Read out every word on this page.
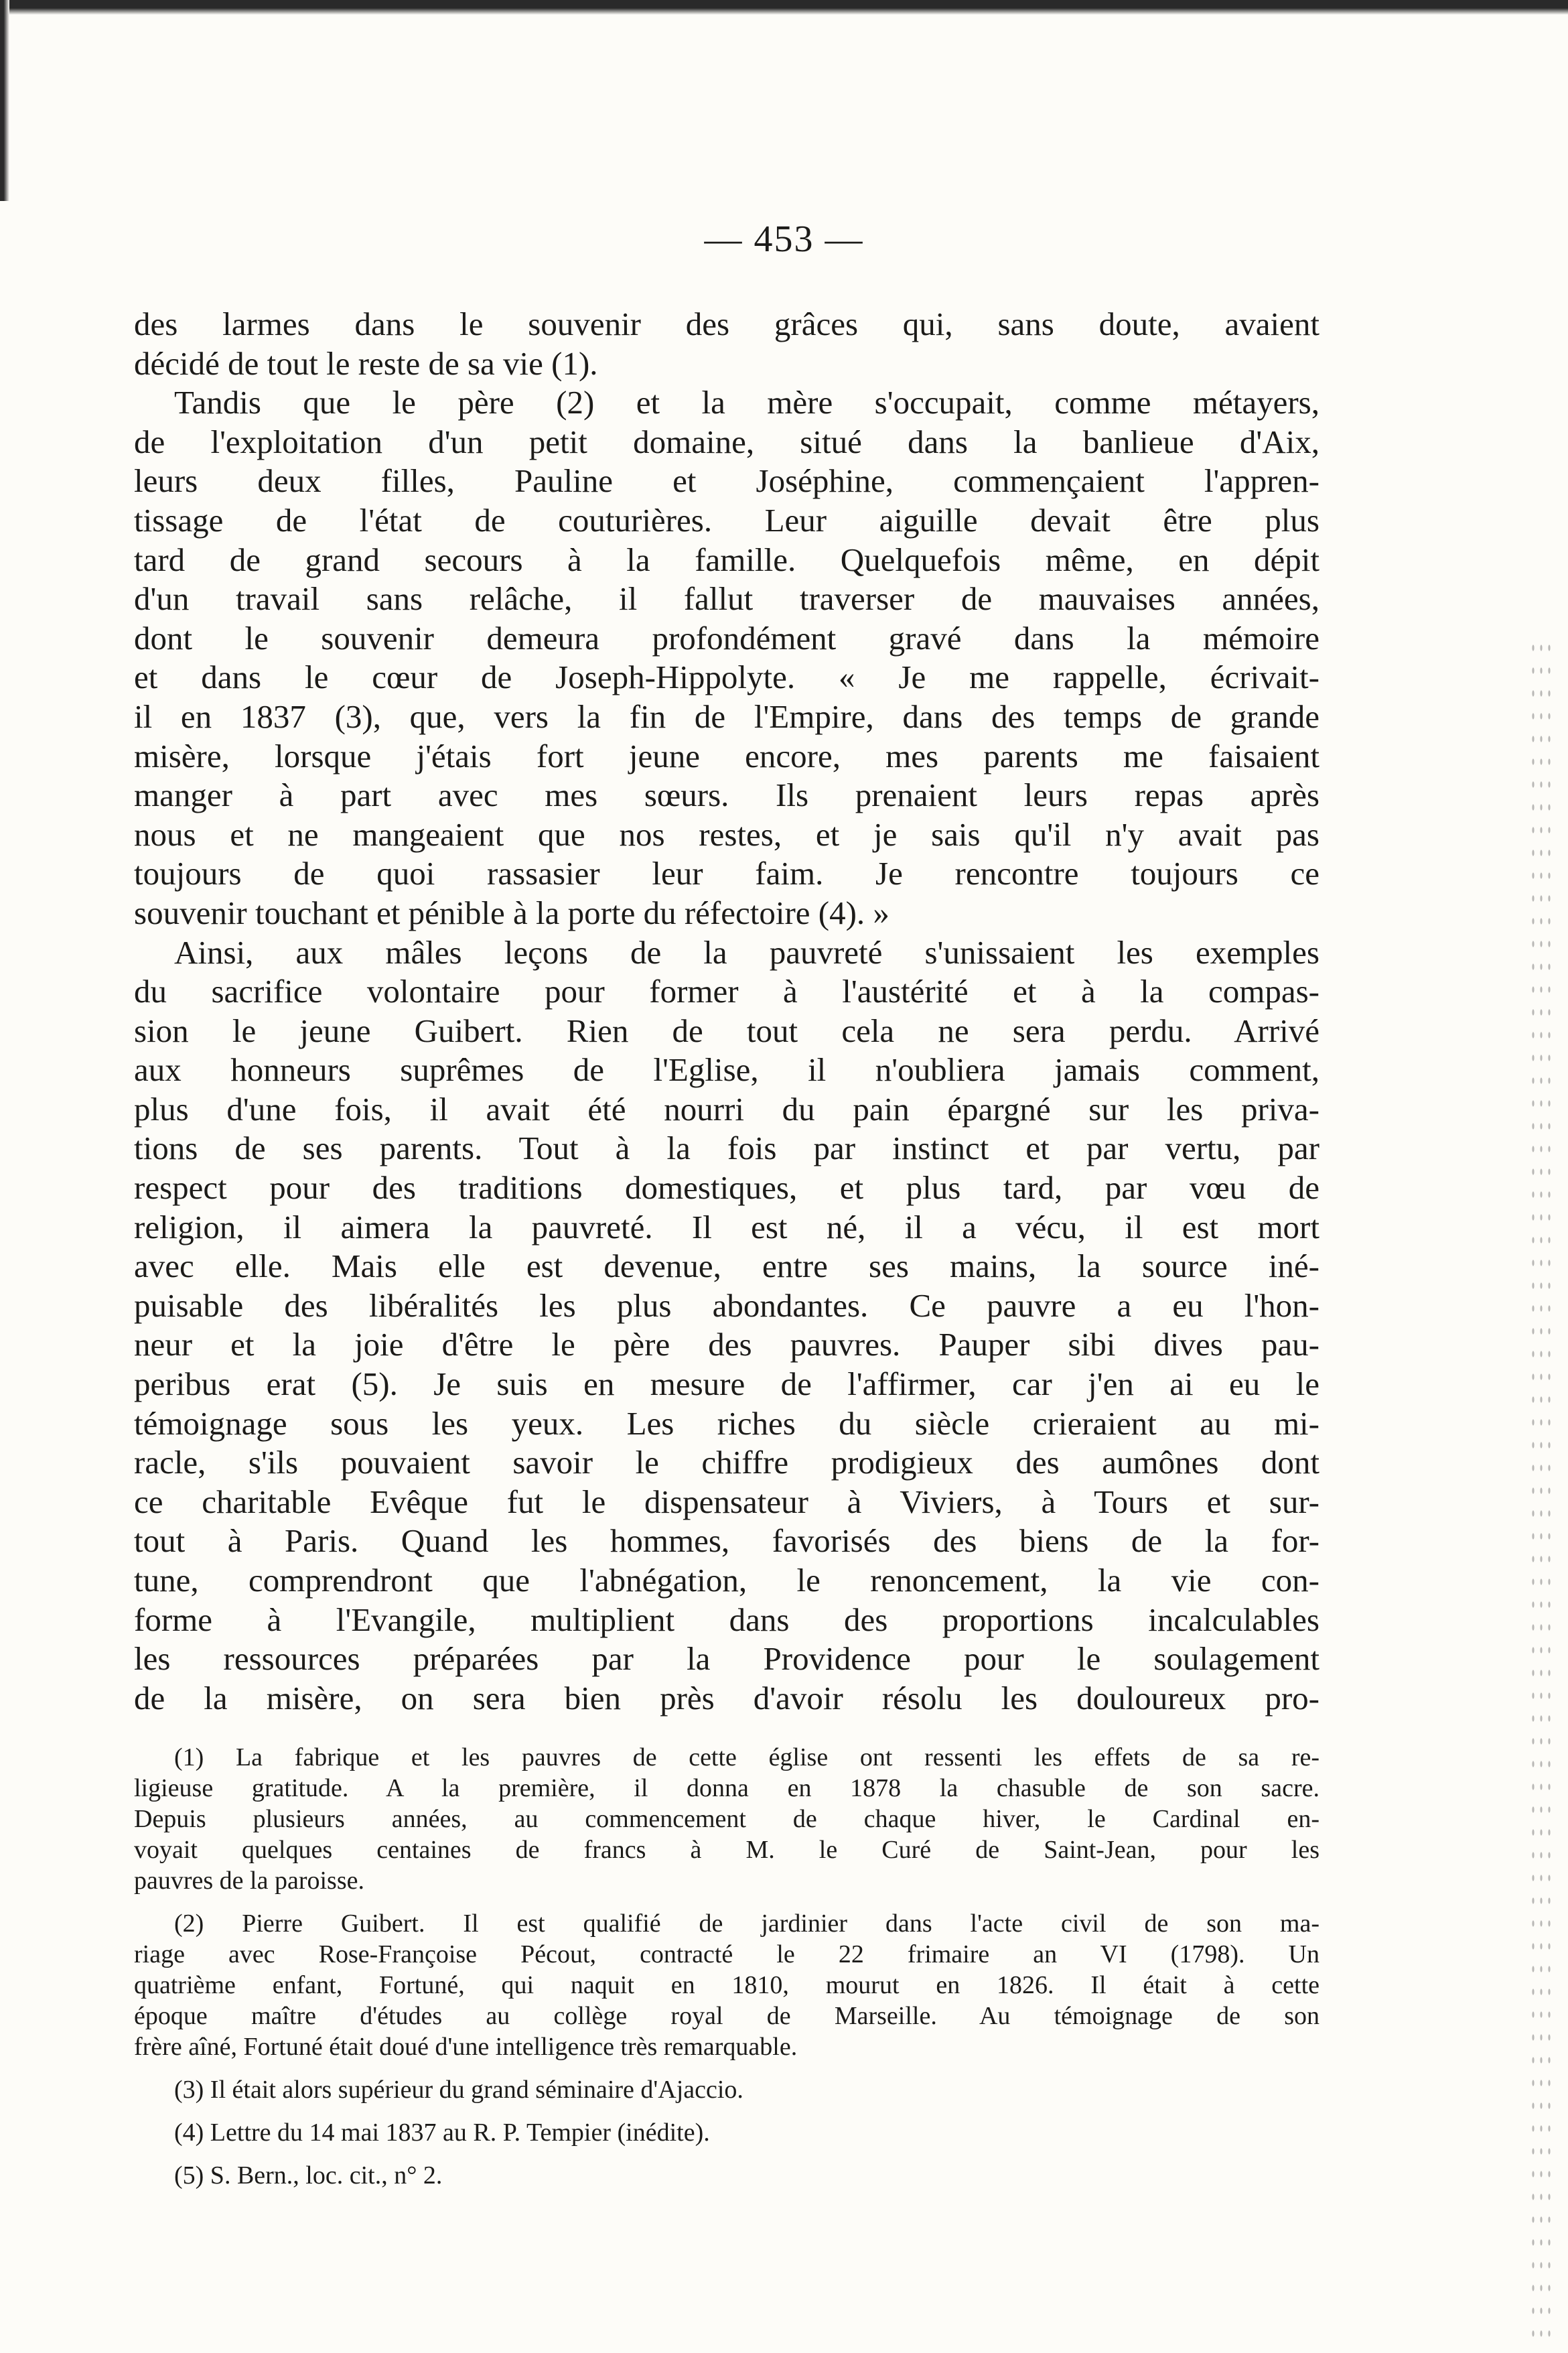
— 453 —
des larmes dans le souvenir des grâces qui, sans doute, avaient
décidé de tout le reste de sa vie (1).
Tandis que le père (2) et la mère s'occupait, comme métayers,
de l'exploitation d'un petit domaine, situé dans la banlieue d'Aix,
leurs deux filles, Pauline et Joséphine, commençaient l'appren-
tissage de l'état de couturières. Leur aiguille devait être plus
tard de grand secours à la famille. Quelquefois même, en dépit
d'un travail sans relâche, il fallut traverser de mauvaises années,
dont le souvenir demeura profondément gravé dans la mémoire
et dans le cœur de Joseph-Hippolyte. « Je me rappelle, écrivait-
il en 1837 (3), que, vers la fin de l'Empire, dans des temps de grande
misère, lorsque j'étais fort jeune encore, mes parents me faisaient
manger à part avec mes sœurs. Ils prenaient leurs repas après
nous et ne mangeaient que nos restes, et je sais qu'il n'y avait pas
toujours de quoi rassasier leur faim. Je rencontre toujours ce
souvenir touchant et pénible à la porte du réfectoire (4). »
Ainsi, aux mâles leçons de la pauvreté s'unissaient les exemples
du sacrifice volontaire pour former à l'austérité et à la compas-
sion le jeune Guibert. Rien de tout cela ne sera perdu. Arrivé
aux honneurs suprêmes de l'Eglise, il n'oubliera jamais comment,
plus d'une fois, il avait été nourri du pain épargné sur les priva-
tions de ses parents. Tout à la fois par instinct et par vertu, par
respect pour des traditions domestiques, et plus tard, par vœu de
religion, il aimera la pauvreté. Il est né, il a vécu, il est mort
avec elle. Mais elle est devenue, entre ses mains, la source iné-
puisable des libéralités les plus abondantes. Ce pauvre a eu l'hon-
neur et la joie d'être le père des pauvres. Pauper sibi dives pau-
peribus erat (5). Je suis en mesure de l'affirmer, car j'en ai eu le
témoignage sous les yeux. Les riches du siècle crieraient au mi-
racle, s'ils pouvaient savoir le chiffre prodigieux des aumônes dont
ce charitable Evêque fut le dispensateur à Viviers, à Tours et sur-
tout à Paris. Quand les hommes, favorisés des biens de la for-
tune, comprendront que l'abnégation, le renoncement, la vie con-
forme à l'Evangile, multiplient dans des proportions incalculables
les ressources préparées par la Providence pour le soulagement
de la misère, on sera bien près d'avoir résolu les douloureux pro-
(1) La fabrique et les pauvres de cette église ont ressenti les effets de sa re-
ligieuse gratitude. A la première, il donna en 1878 la chasuble de son sacre.
Depuis plusieurs années, au commencement de chaque hiver, le Cardinal en-
voyait quelques centaines de francs à M. le Curé de Saint-Jean, pour les
pauvres de la paroisse.
(2) Pierre Guibert. Il est qualifié de jardinier dans l'acte civil de son ma-
riage avec Rose-Françoise Pécout, contracté le 22 frimaire an VI (1798). Un
quatrième enfant, Fortuné, qui naquit en 1810, mourut en 1826. Il était à cette
époque maître d'études au collège royal de Marseille. Au témoignage de son
frère aîné, Fortuné était doué d'une intelligence très remarquable.
(3) Il était alors supérieur du grand séminaire d'Ajaccio.
(4) Lettre du 14 mai 1837 au R. P. Tempier (inédite).
(5) S. Bern., loc. cit., n° 2.
